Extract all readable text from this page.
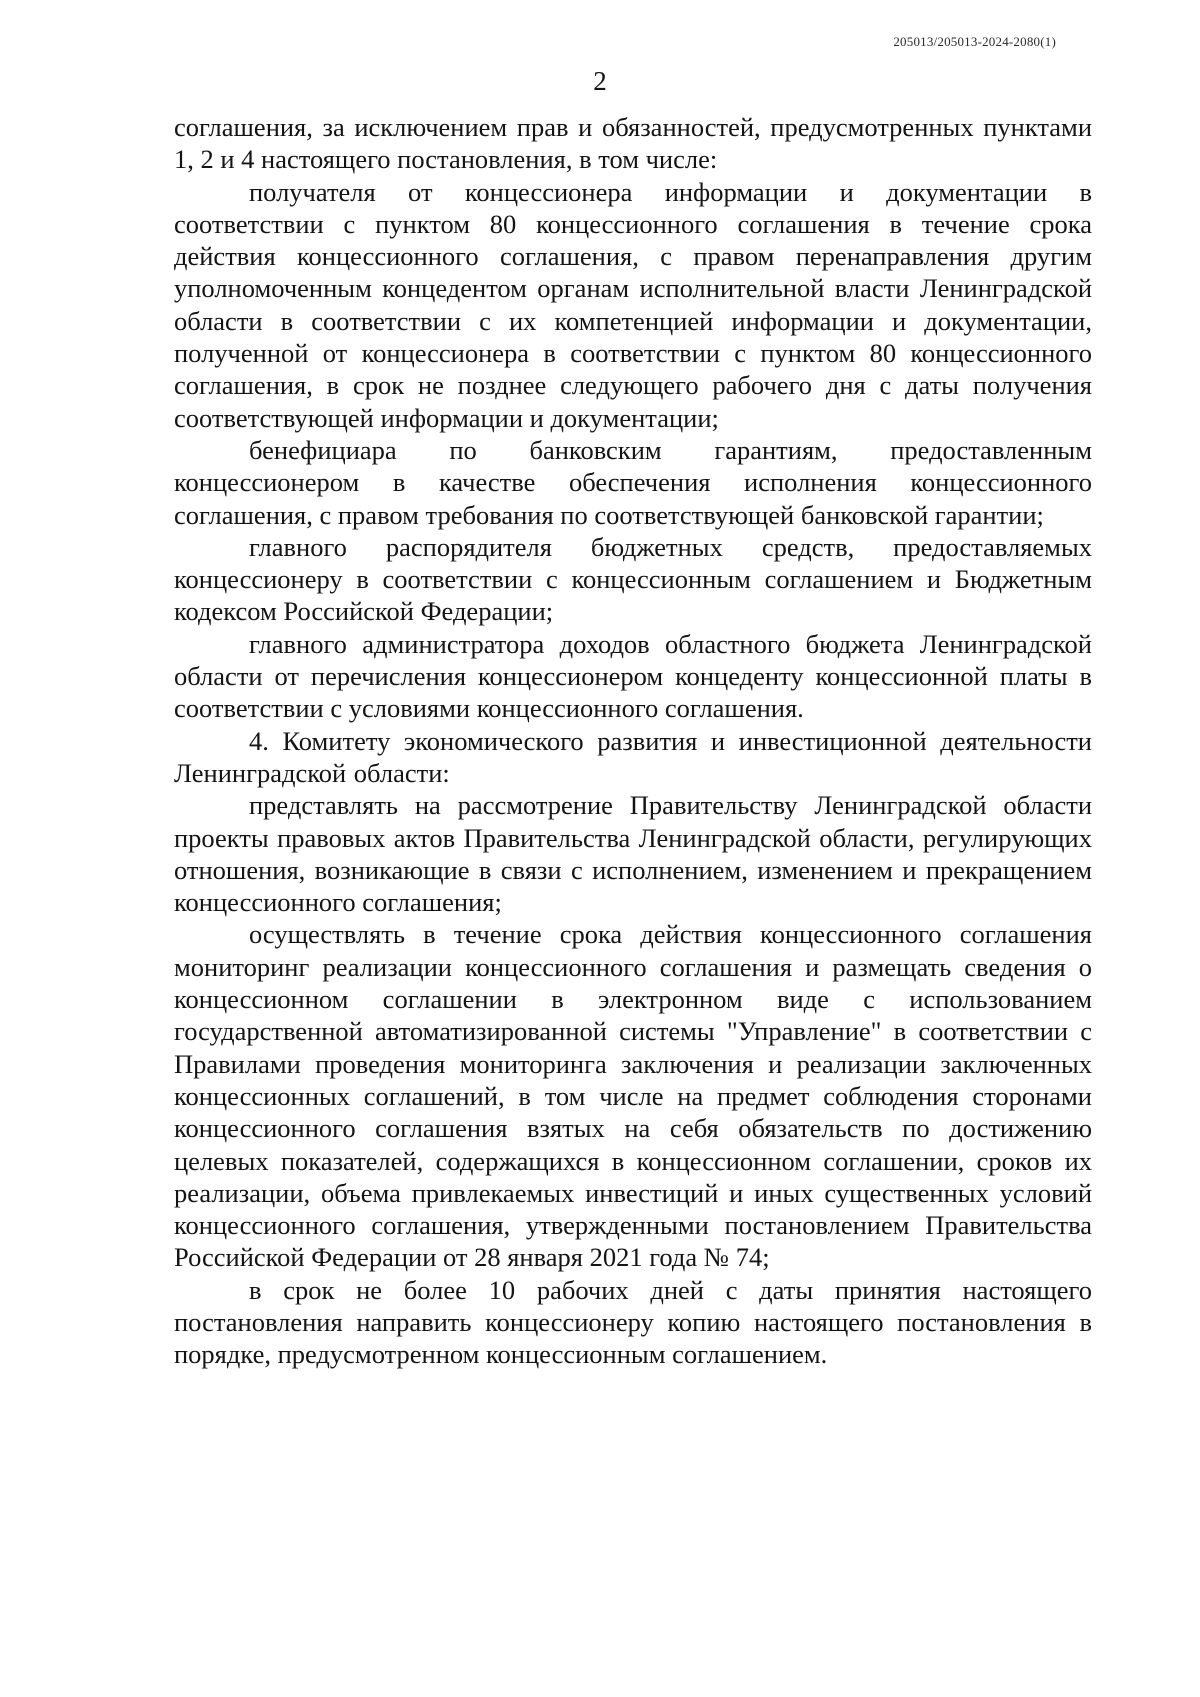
205013/205013-2024-2080(1)
2

соглашения, за исключением прав и обязанностей, предусмотренных пунктами 1, 2 и 4 настоящего постановления, в том числе:

получателя от концессионера информации и документации в соответствии с пунктом 80 концессионного соглашения в течение срока действия концессионного соглашения, с правом перенаправления другим уполномоченным концедентом органам исполнительной власти Ленинградской области в соответствии с их компетенцией информации и документации, полученной от концессионера в соответствии с пунктом 80 концессионного соглашения, в срок не позднее следующего рабочего дня с даты получения соответствующей информации и документации;

бенефициара по банковским гарантиям, предоставленным концессионером в качестве обеспечения исполнения концессионного соглашения, с правом требования по соответствующей банковской гарантии;

главного распорядителя бюджетных средств, предоставляемых концессионеру в соответствии с концессионным соглашением и Бюджетным кодексом Российской Федерации;

главного администратора доходов областного бюджета Ленинградской области от перечисления концессионером концеденту концессионной платы в соответствии с условиями концессионного соглашения.

4. Комитету экономического развития и инвестиционной деятельности Ленинградской области:

представлять на рассмотрение Правительству Ленинградской области проекты правовых актов Правительства Ленинградской области, регулирующих отношения, возникающие в связи с исполнением, изменением и прекращением концессионного соглашения;

осуществлять в течение срока действия концессионного соглашения мониторинг реализации концессионного соглашения и размещать сведения о концессионном соглашении в электронном виде с использованием государственной автоматизированной системы "Управление" в соответствии с Правилами проведения мониторинга заключения и реализации заключенных концессионных соглашений, в том числе на предмет соблюдения сторонами концессионного соглашения взятых на себя обязательств по достижению целевых показателей, содержащихся в концессионном соглашении, сроков их реализации, объема привлекаемых инвестиций и иных существенных условий концессионного соглашения, утвержденными постановлением Правительства Российской Федерации от 28 января 2021 года № 74;

в срок не более 10 рабочих дней с даты принятия настоящего постановления направить концессионеру копию настоящего постановления в порядке, предусмотренном концессионным соглашением.
